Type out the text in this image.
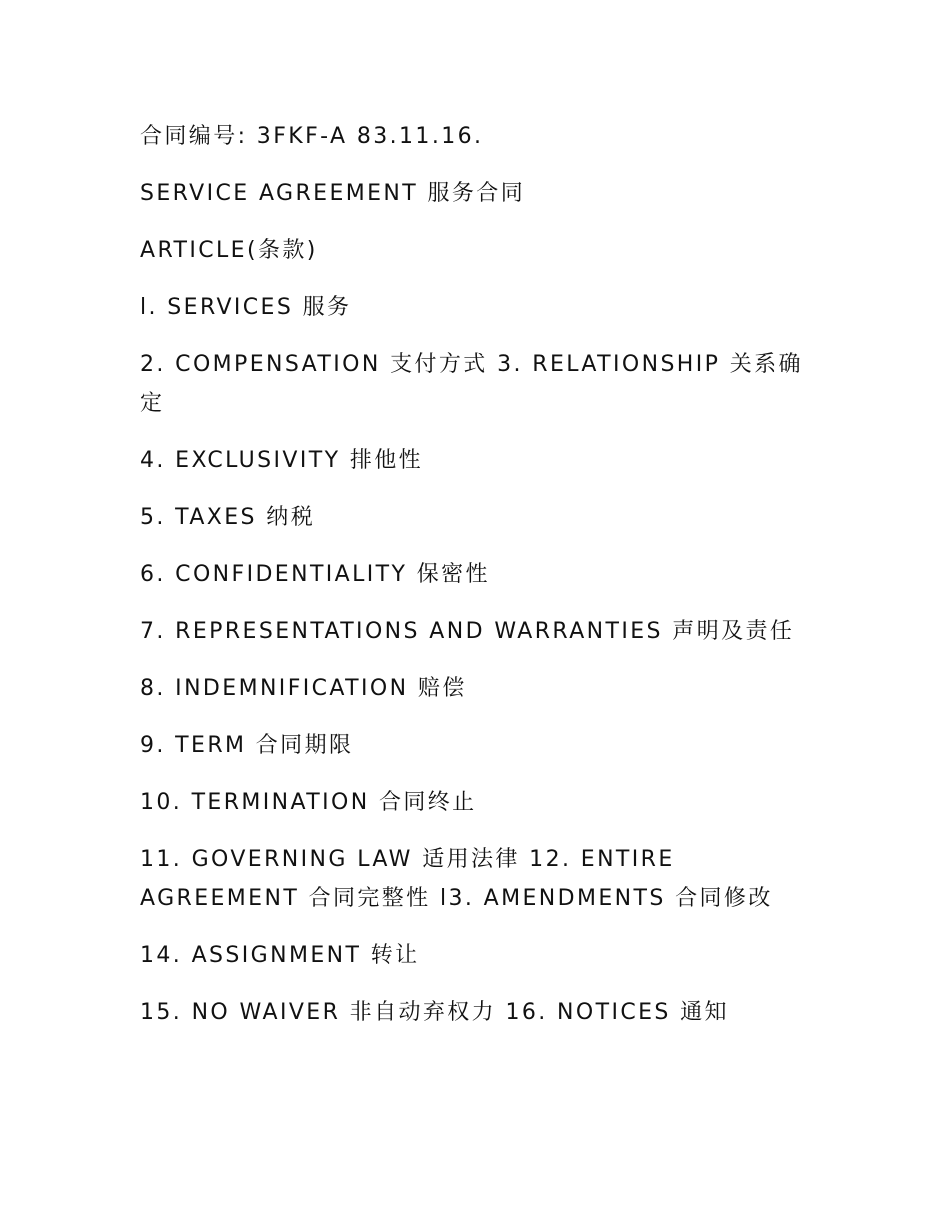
合同编号: 3FKF-A 83.11.16.

SERVICE AGREEMENT 服务合同

ARTICLE(条款)

l. SERVICES 服务

2. COMPENSATION 支付方式 3. RELATIONSHIP 关系确定

4. EXCLUSIVITY 排他性

5. TAXES 纳税

6. CONFIDENTIALITY 保密性

7. REPRESENTATIONS AND WARRANTIES 声明及责任

8. INDEMNIFICATION 赔偿

9. TERM 合同期限

10. TERMINATION 合同终止

11. GOVERNING LAW 适用法律 12. ENTIRE AGREEMENT 合同完整性 l3. AMENDMENTS 合同修改

14. ASSIGNMENT 转让

15. NO WAIVER 非自动弃权力 16. NOTICES 通知
